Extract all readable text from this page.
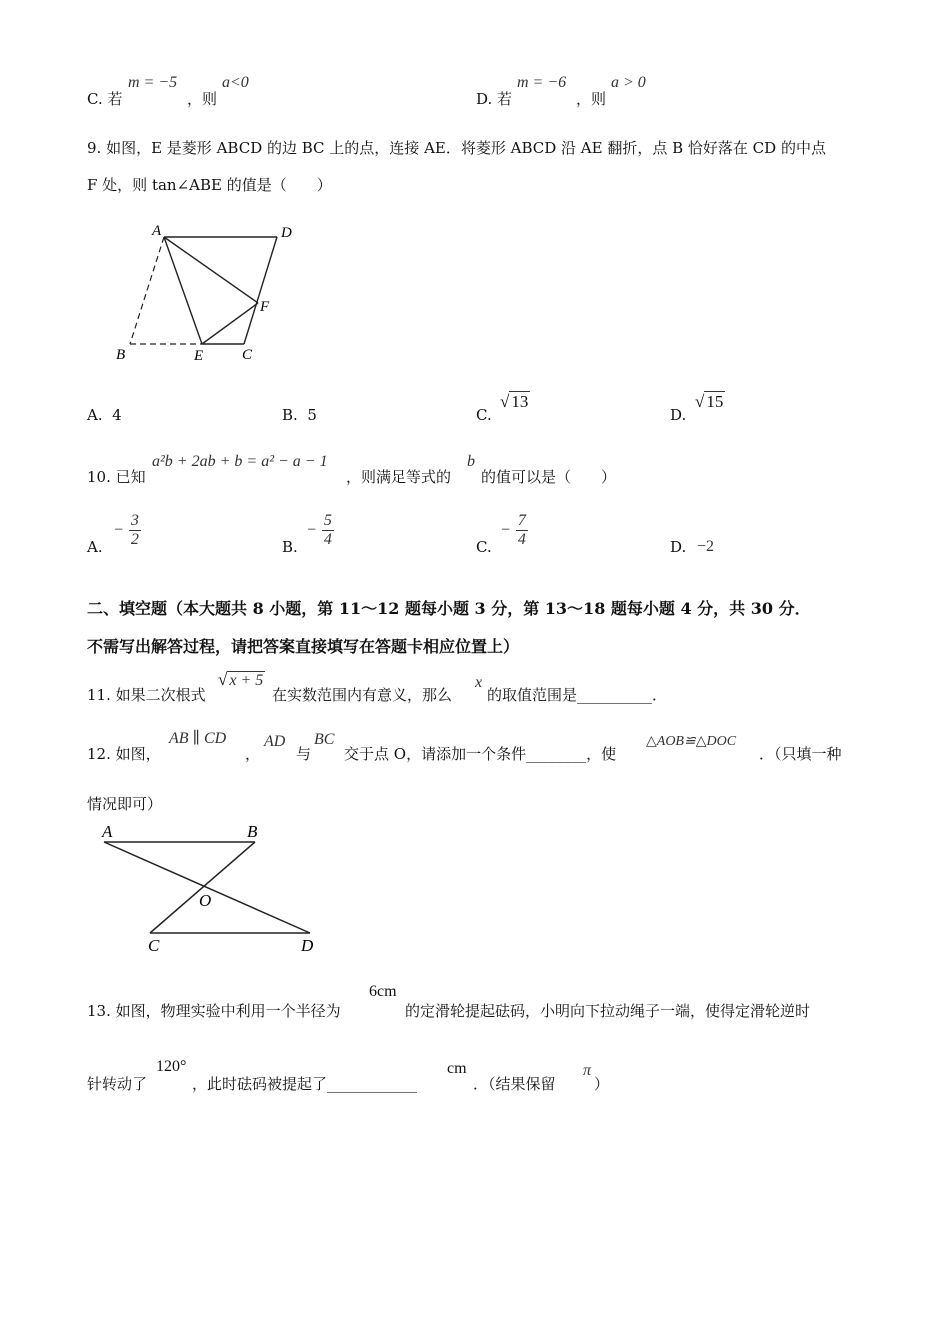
C. 若
m = −5
，则
a<0
D. 若
m = −6
，则
a > 0
9. 如图，E 是菱形 ABCD 的边 BC 上的点，连接 AE．将菱形 ABCD 沿 AE 翻折，点 B 恰好落在 CD 的中点
F 处，则 tan∠ABE 的值是（　　）
A	D
F
B	E	C
A. 4	B. 5	C.
√ 13
D.
√ 15
10. 已知
a²b + 2ab + b = a² − a − 1
，则满足等式的
b
的值可以是（　　）
A.
− $\frac{3}{2}$	B.
− $\frac{5}{4}$	C.
− $\frac{7}{4}$	D. −2
二、填空题（本大题共 8 小题，第 11～12 题每小题 3 分，第 13～18 题每小题 4 分，共 30 分．
不需写出解答过程，请把答案直接填写在答题卡相应位置上）
11. 如果二次根式
√ x + 5
在实数范围内有意义，那么
x
的取值范围是__________．
12. 如图，
AB ∥ CD
，
AD
与
BC
交于点 O，请添加一个条件________，使
△AOB≌△DOC
．（只填一种
情况即可）
A	B
O
C	D
13. 如图，物理实验中利用一个半径为
6cm
的定滑轮提起砝码，小明向下拉动绳子一端，使得定滑轮逆时
针转动了
120°
，此时砝码被提起了____________
cm
．（结果保留
π
）
